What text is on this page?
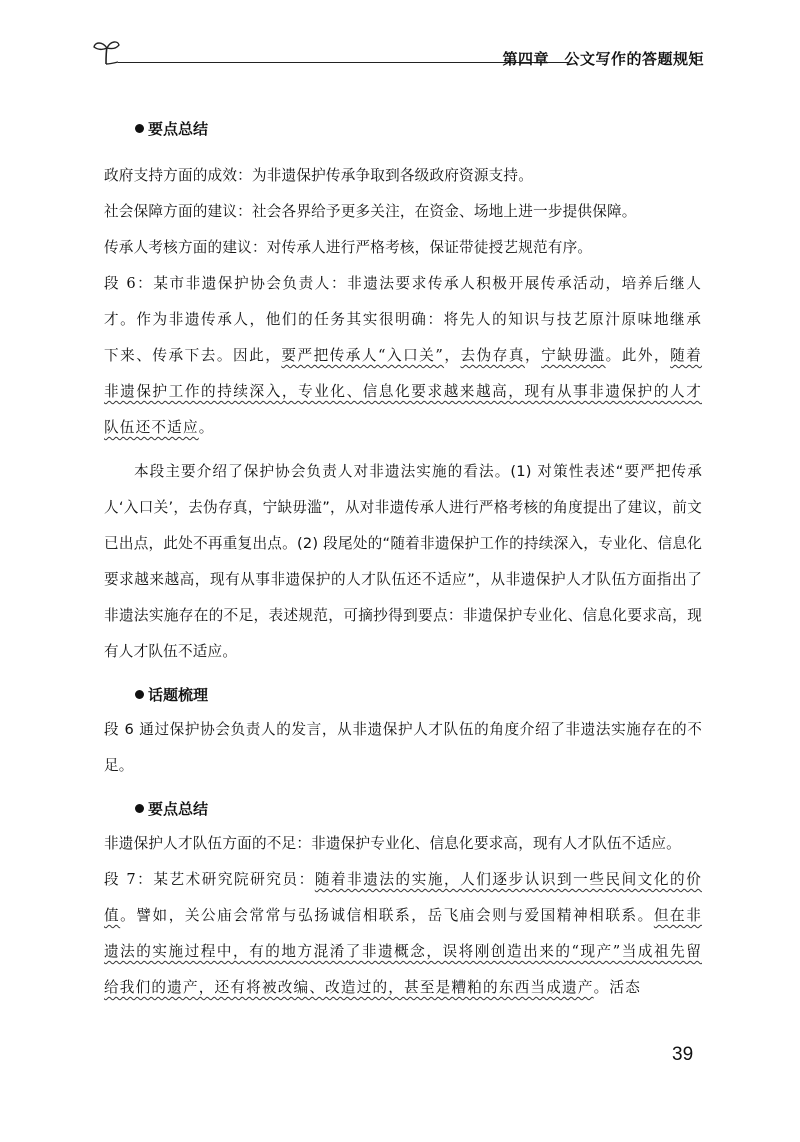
第四章　公文写作的答题规矩
要点总结

政府支持方面的成效：为非遗保护传承争取到各级政府资源支持。

社会保障方面的建议：社会各界给予更多关注，在资金、场地上进一步提供保障。

传承人考核方面的建议：对传承人进行严格考核，保证带徒授艺规范有序。

段 6：某市非遗保护协会负责人：非遗法要求传承人积极开展传承活动，培养后继人才。作为非遗传承人，他们的任务其实很明确：将先人的知识与技艺原汁原味地继承下来、传承下去。因此，要严把传承人“入口关”，去伪存真，宁缺毋滥。此外，随着非遗保护工作的持续深入，专业化、信息化要求越来越高，现有从事非遗保护的人才队伍还不适应。

本段主要介绍了保护协会负责人对非遗法实施的看法。(1) 对策性表述“要严把传承人‘入口关’，去伪存真，宁缺毋滥”，从对非遗传承人进行严格考核的角度提出了建议，前文已出点，此处不再重复出点。(2) 段尾处的“随着非遗保护工作的持续深入，专业化、信息化要求越来越高，现有从事非遗保护的人才队伍还不适应”，从非遗保护人才队伍方面指出了非遗法实施存在的不足，表述规范，可摘抄得到要点：非遗保护专业化、信息化要求高，现有人才队伍不适应。

话题梳理

段 6 通过保护协会负责人的发言，从非遗保护人才队伍的角度介绍了非遗法实施存在的不足。

要点总结

非遗保护人才队伍方面的不足：非遗保护专业化、信息化要求高，现有人才队伍不适应。

段 7：某艺术研究院研究员：随着非遗法的实施，人们逐步认识到一些民间文化的价值。譬如，关公庙会常常与弘扬诚信相联系，岳飞庙会则与爱国精神相联系。但在非遗法的实施过程中，有的地方混淆了非遗概念，误将刚创造出来的“现产”当成祖先留给我们的遗产，还有将被改编、改造过的，甚至是糟粕的东西当成遗产。活态

39
